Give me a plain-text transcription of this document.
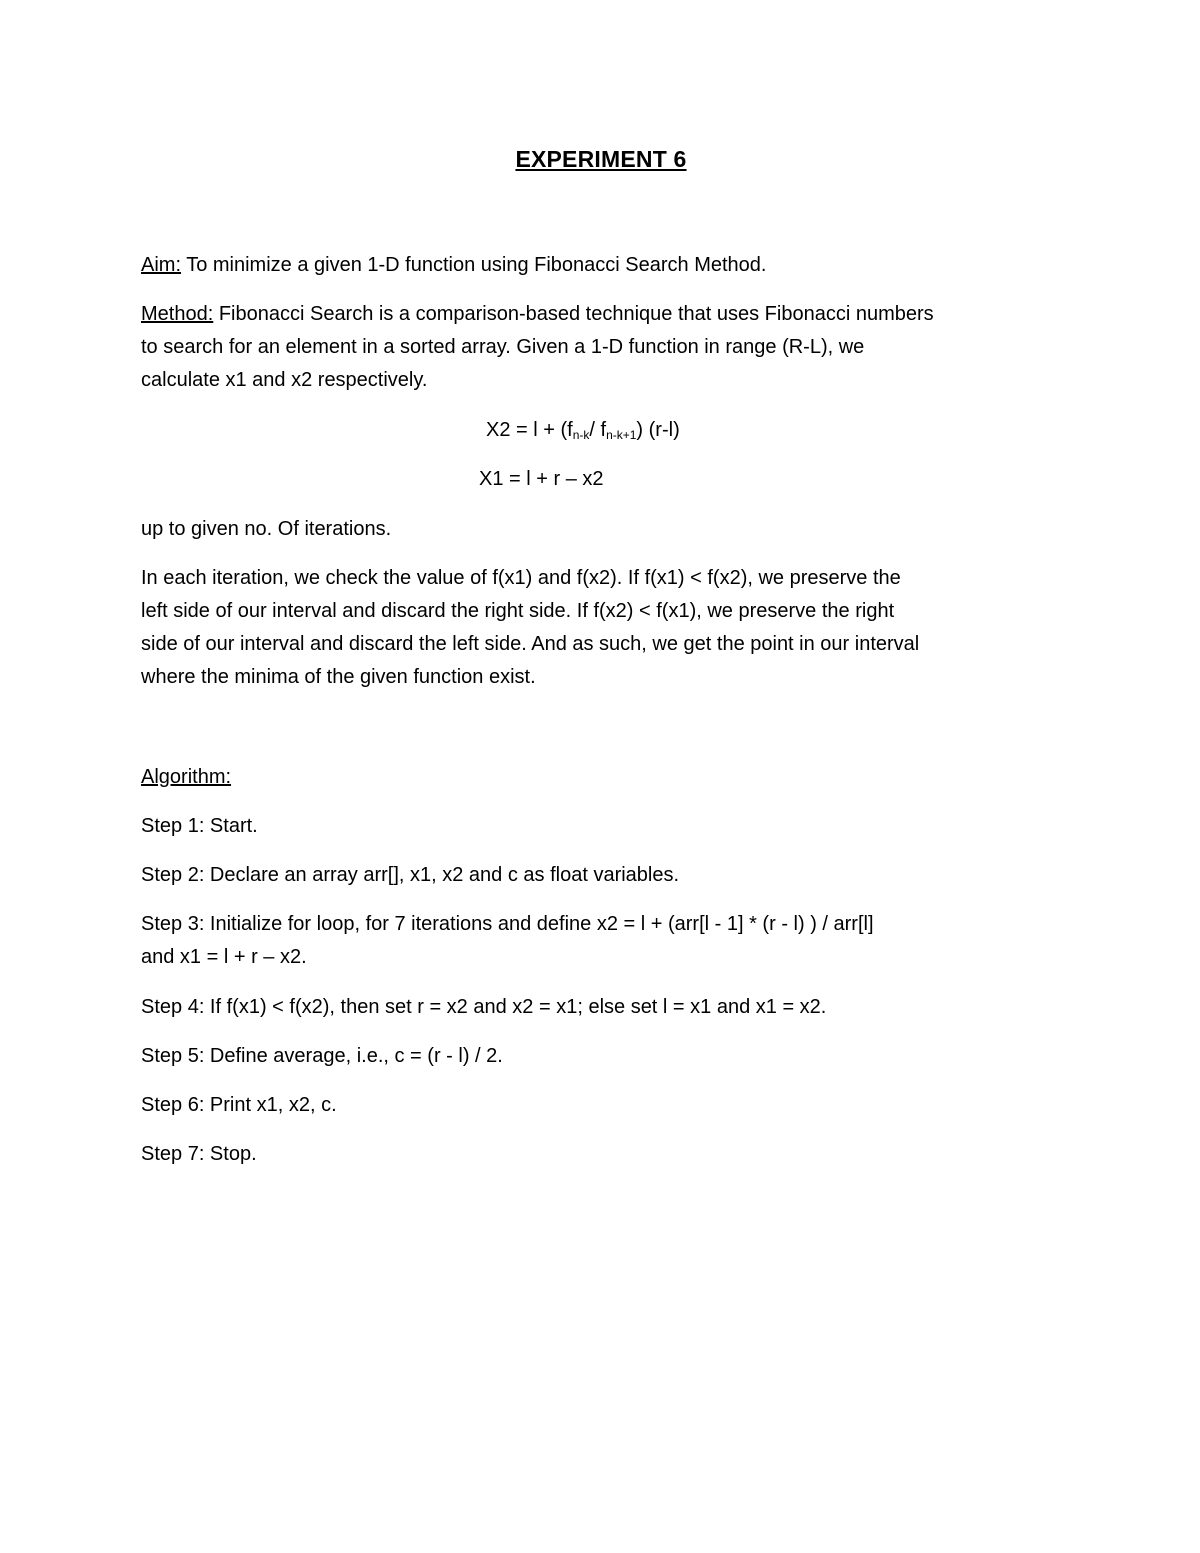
EXPERIMENT 6
Aim: To minimize a given 1-D function using Fibonacci Search Method.
Method: Fibonacci Search is a comparison-based technique that uses Fibonacci numbers
to search for an element in a sorted array. Given a 1-D function in range (R-L), we
calculate x1 and x2 respectively.
$X2 = l + (f_{n-k}/$ $f_{n-k+1}$) (r-l)
X1 = l + r – x2
up to given no. Of iterations.
In each iteration, we check the value of f(x1) and f(x2). If f(x1) < f(x2), we preserve the
left side of our interval and discard the right side. If f(x2) < f(x1), we preserve the right
side of our interval and discard the left side. And as such, we get the point in our interval
where the minima of the given function exist.
Algorithm:
Step 1: Start.
Step 2: Declare an array arr[], x1, x2 and c as float variables.
Step 3: Initialize for loop, for 7 iterations and define x2 = l + (arr[l - 1] * (r - l) ) / arr[l]
and x1 = l + r – x2.
Step 4: If f(x1) < f(x2), then set r = x2 and x2 = x1; else set l = x1 and x1 = x2.
Step 5: Define average, i.e., c = (r - l) / 2.
Step 6: Print x1, x2, c.
Step 7: Stop.
